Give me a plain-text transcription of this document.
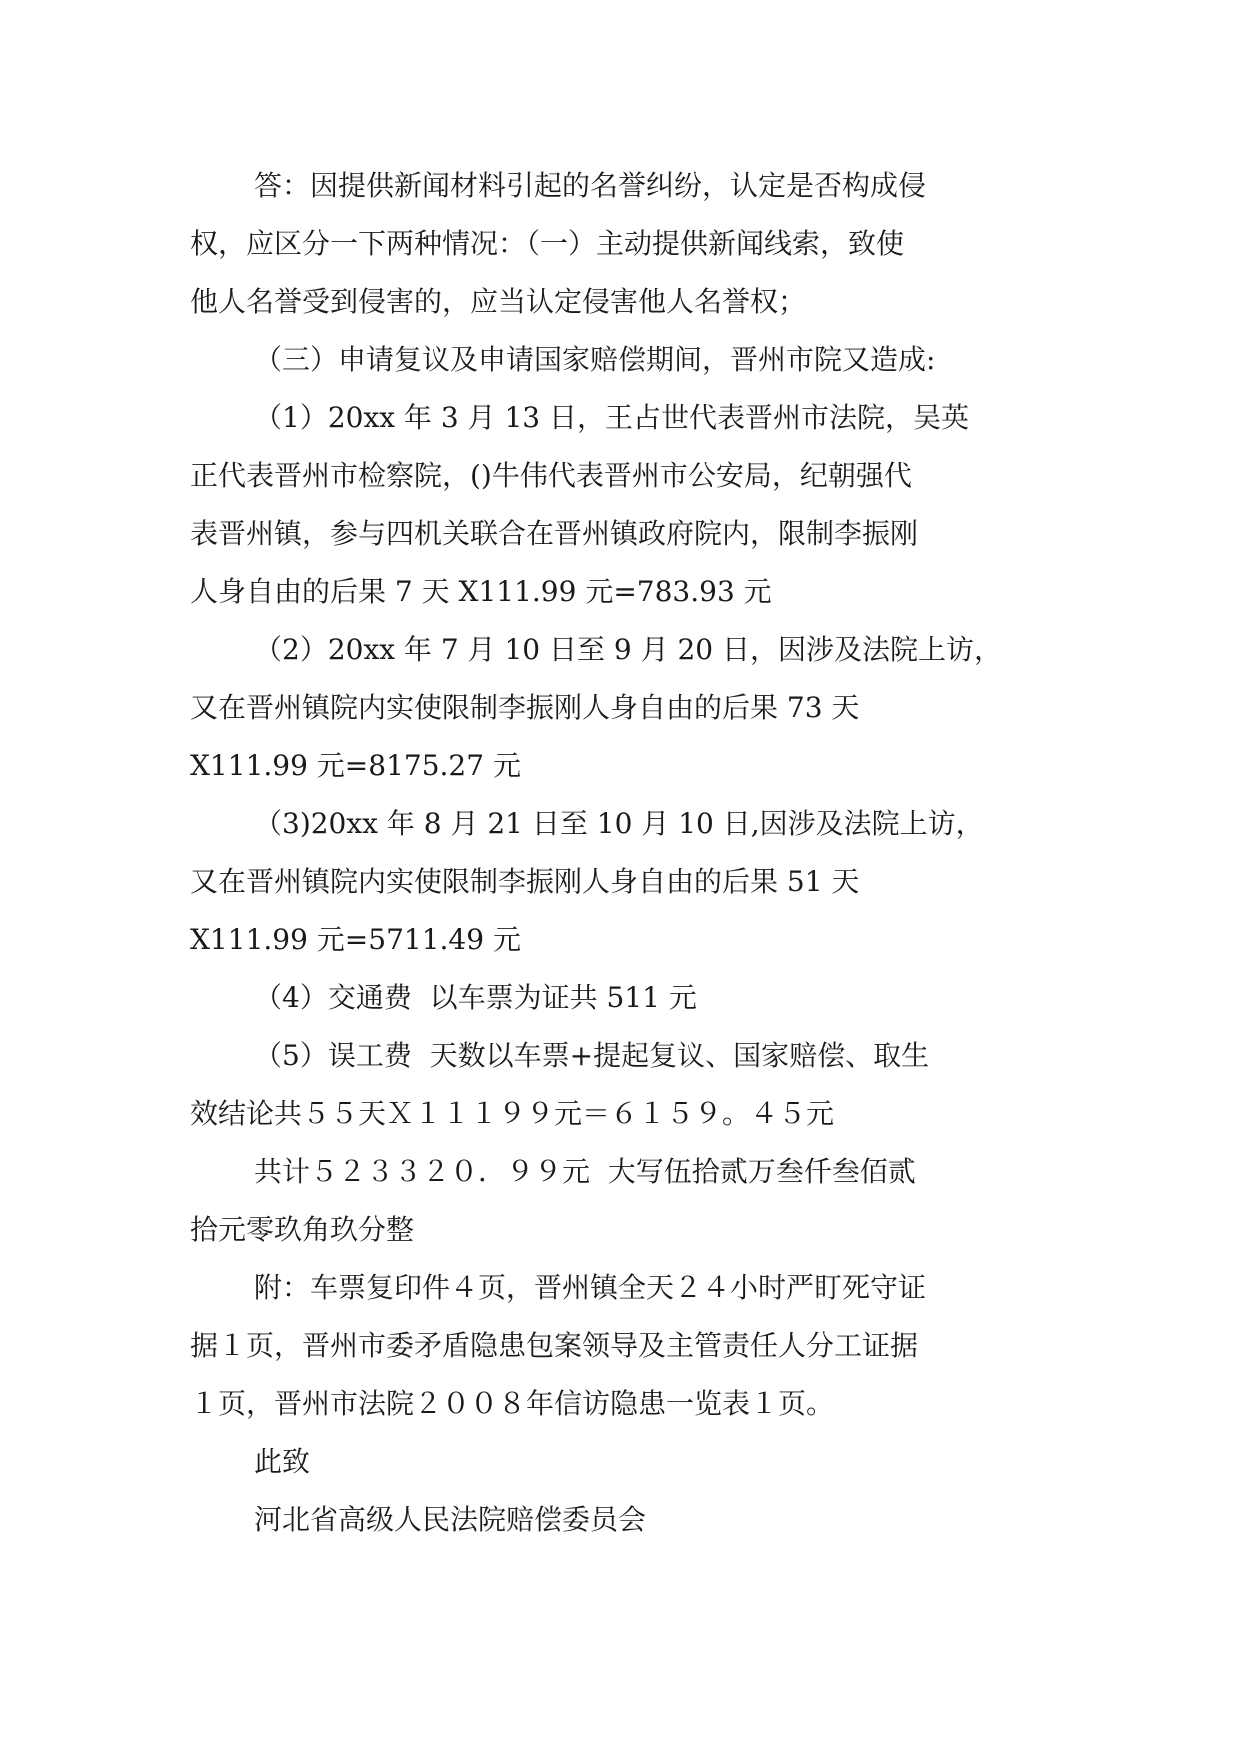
答：因提供新闻材料引起的名誉纠纷，认定是否构成侵

权，应区分一下两种情况：（一）主动提供新闻线索，致使

他人名誉受到侵害的，应当认定侵害他人名誉权；

（三）申请复议及申请国家赔偿期间，晋州市院又造成:

（1）20xx 年 3 月 13 日，王占世代表晋州市法院，吴英

正代表晋州市检察院，()牛伟代表晋州市公安局，纪朝强代

表晋州镇，参与四机关联合在晋州镇政府院内，限制李振刚

人身自由的后果 7 天 X111.99 元=783.93 元

（2）20xx 年 7 月 10 日至 9 月 20 日，因涉及法院上访，

又在晋州镇院内实使限制李振刚人身自由的后果 73 天

X111.99 元=8175.27 元

（3)20xx 年 8 月 21 日至 10 月 10 日,因涉及法院上访，

又在晋州镇院内实使限制李振刚人身自由的后果 51 天

X111.99 元=5711.49 元

（4）交通费  以车票为证共 511 元

（5）误工费  天数以车票+提起复议、国家赔偿、取生

效结论共５５天Ｘ１１１９９元＝６１５９。４５元

共计５２３３２０．９９元  大写伍拾贰万叁仟叁佰贰

拾元零玖角玖分整

附：车票复印件４页，晋州镇全天２４小时严盯死守证

据１页，晋州市委矛盾隐患包案领导及主管责任人分工证据

１页，晋州市法院２００８年信访隐患一览表１页。

此致

河北省高级人民法院赔偿委员会
